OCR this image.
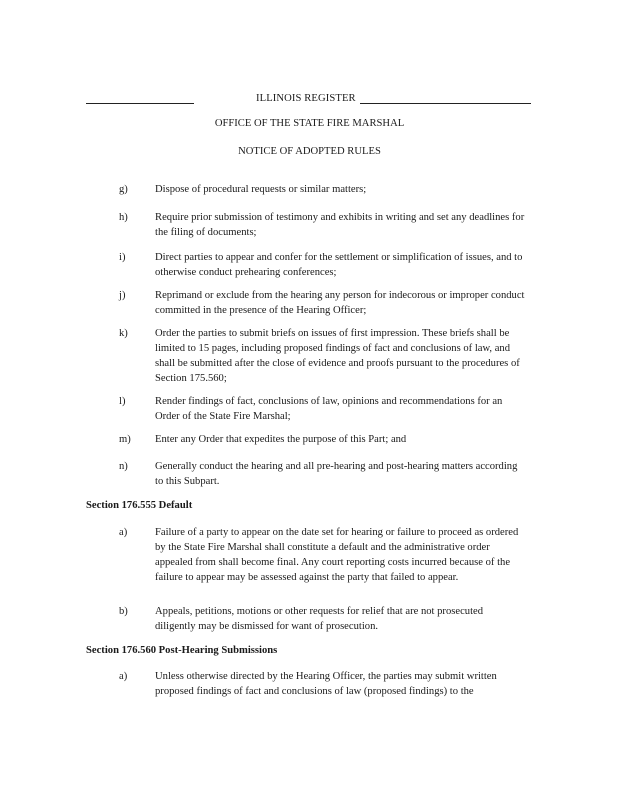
ILLINOIS REGISTER
OFFICE OF THE STATE FIRE MARSHAL
NOTICE OF ADOPTED RULES
g)	Dispose of procedural requests or similar matters;
h)	Require prior submission of testimony and exhibits in writing and set any deadlines for the filing of documents;
i)	Direct parties to appear and confer for the settlement or simplification of issues, and to otherwise conduct prehearing conferences;
j)	Reprimand or exclude from the hearing any person for indecorous or improper conduct committed in the presence of the Hearing Officer;
k)	Order the parties to submit briefs on issues of first impression. These briefs shall be limited to 15 pages, including proposed findings of fact and conclusions of law, and shall be submitted after the close of evidence and proofs pursuant to the procedures of Section 175.560;
l)	Render findings of fact, conclusions of law, opinions and recommendations for an Order of the State Fire Marshal;
m) Enter any Order that expedites the purpose of this Part; and
n)	Generally conduct the hearing and all pre-hearing and post-hearing matters according to this Subpart.
Section 176.555 Default
a)	Failure of a party to appear on the date set for hearing or failure to proceed as ordered by the State Fire Marshal shall constitute a default and the administrative order appealed from shall become final. Any court reporting costs incurred because of the failure to appear may be assessed against the party that failed to appear.
b)	Appeals, petitions, motions or other requests for relief that are not prosecuted diligently may be dismissed for want of prosecution.
Section 176.560 Post-Hearing Submissions
a)	Unless otherwise directed by the Hearing Officer, the parties may submit written proposed findings of fact and conclusions of law (proposed findings) to the
